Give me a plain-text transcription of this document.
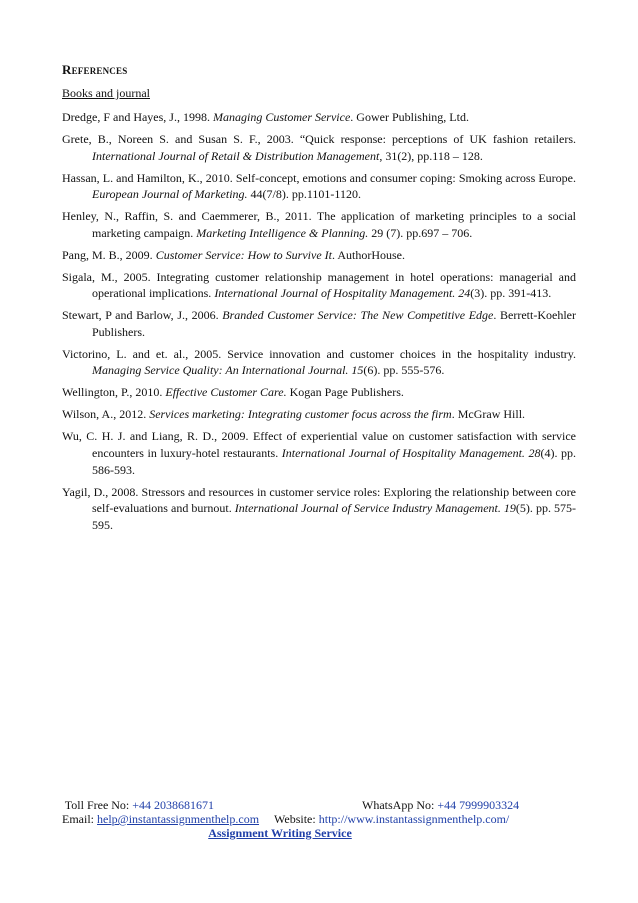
References
Books and journal
Dredge, F and Hayes, J., 1998. Managing Customer Service. Gower Publishing, Ltd.
Grete, B., Noreen S. and Susan S. F., 2003. “Quick response: perceptions of UK fashion retailers. International Journal of Retail & Distribution Management, 31(2), pp.118 – 128.
Hassan, L. and Hamilton, K., 2010. Self-concept, emotions and consumer coping: Smoking across Europe. European Journal of Marketing. 44(7/8). pp.1101-1120.
Henley, N., Raffin, S. and Caemmerer, B., 2011. The application of marketing principles to a social marketing campaign. Marketing Intelligence & Planning. 29 (7). pp.697 – 706.
Pang, M. B., 2009. Customer Service: How to Survive It. AuthorHouse.
Sigala, M., 2005. Integrating customer relationship management in hotel operations: managerial and operational implications. International Journal of Hospitality Management. 24(3). pp. 391-413.
Stewart, P and Barlow, J., 2006. Branded Customer Service: The New Competitive Edge. Berrett-Koehler Publishers.
Victorino, L. and et. al., 2005. Service innovation and customer choices in the hospitality industry. Managing Service Quality: An International Journal. 15(6). pp. 555-576.
Wellington, P., 2010. Effective Customer Care. Kogan Page Publishers.
Wilson, A., 2012. Services marketing: Integrating customer focus across the firm. McGraw Hill.
Wu, C. H. J. and Liang, R. D., 2009. Effect of experiential value on customer satisfaction with service encounters in luxury-hotel restaurants. International Journal of Hospitality Management. 28(4). pp. 586-593.
Yagil, D., 2008. Stressors and resources in customer service roles: Exploring the relationship between core self-evaluations and burnout. International Journal of Service Industry Management. 19(5). pp. 575-595.
Toll Free No: +44 2038681671	WhatsApp No: +44 7999903324
Email: help@instantassignmenthelp.com Website: http://www.instantassignmenthelp.com/
Assignment Writing Service
